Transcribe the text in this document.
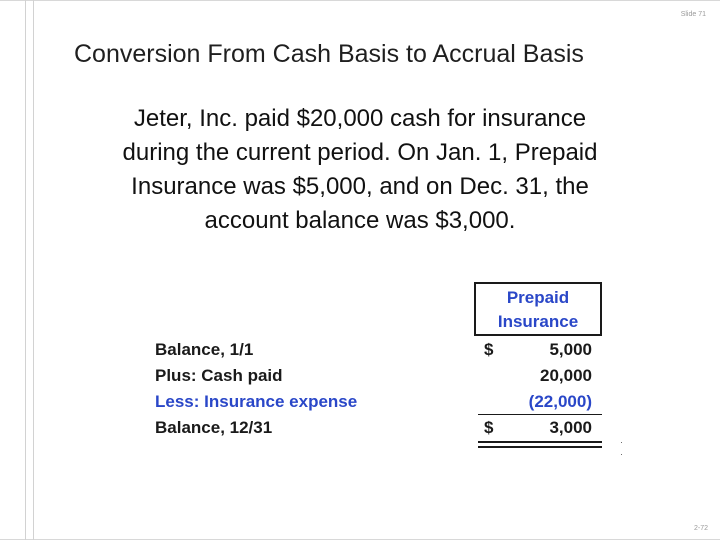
Slide 71
Conversion From Cash Basis to Accrual Basis
Jeter, Inc. paid $20,000 cash for insurance
during the current period. On Jan. 1, Prepaid
Insurance was $5,000, and on Dec. 31, the
account balance was $3,000.
Prepaid
Insurance
Balance, 1/1	$	5,000
Plus: Cash paid	20,000
Less: Insurance expense	(22,000)
Balance, 12/31	$	3,000
·
·
2-72
